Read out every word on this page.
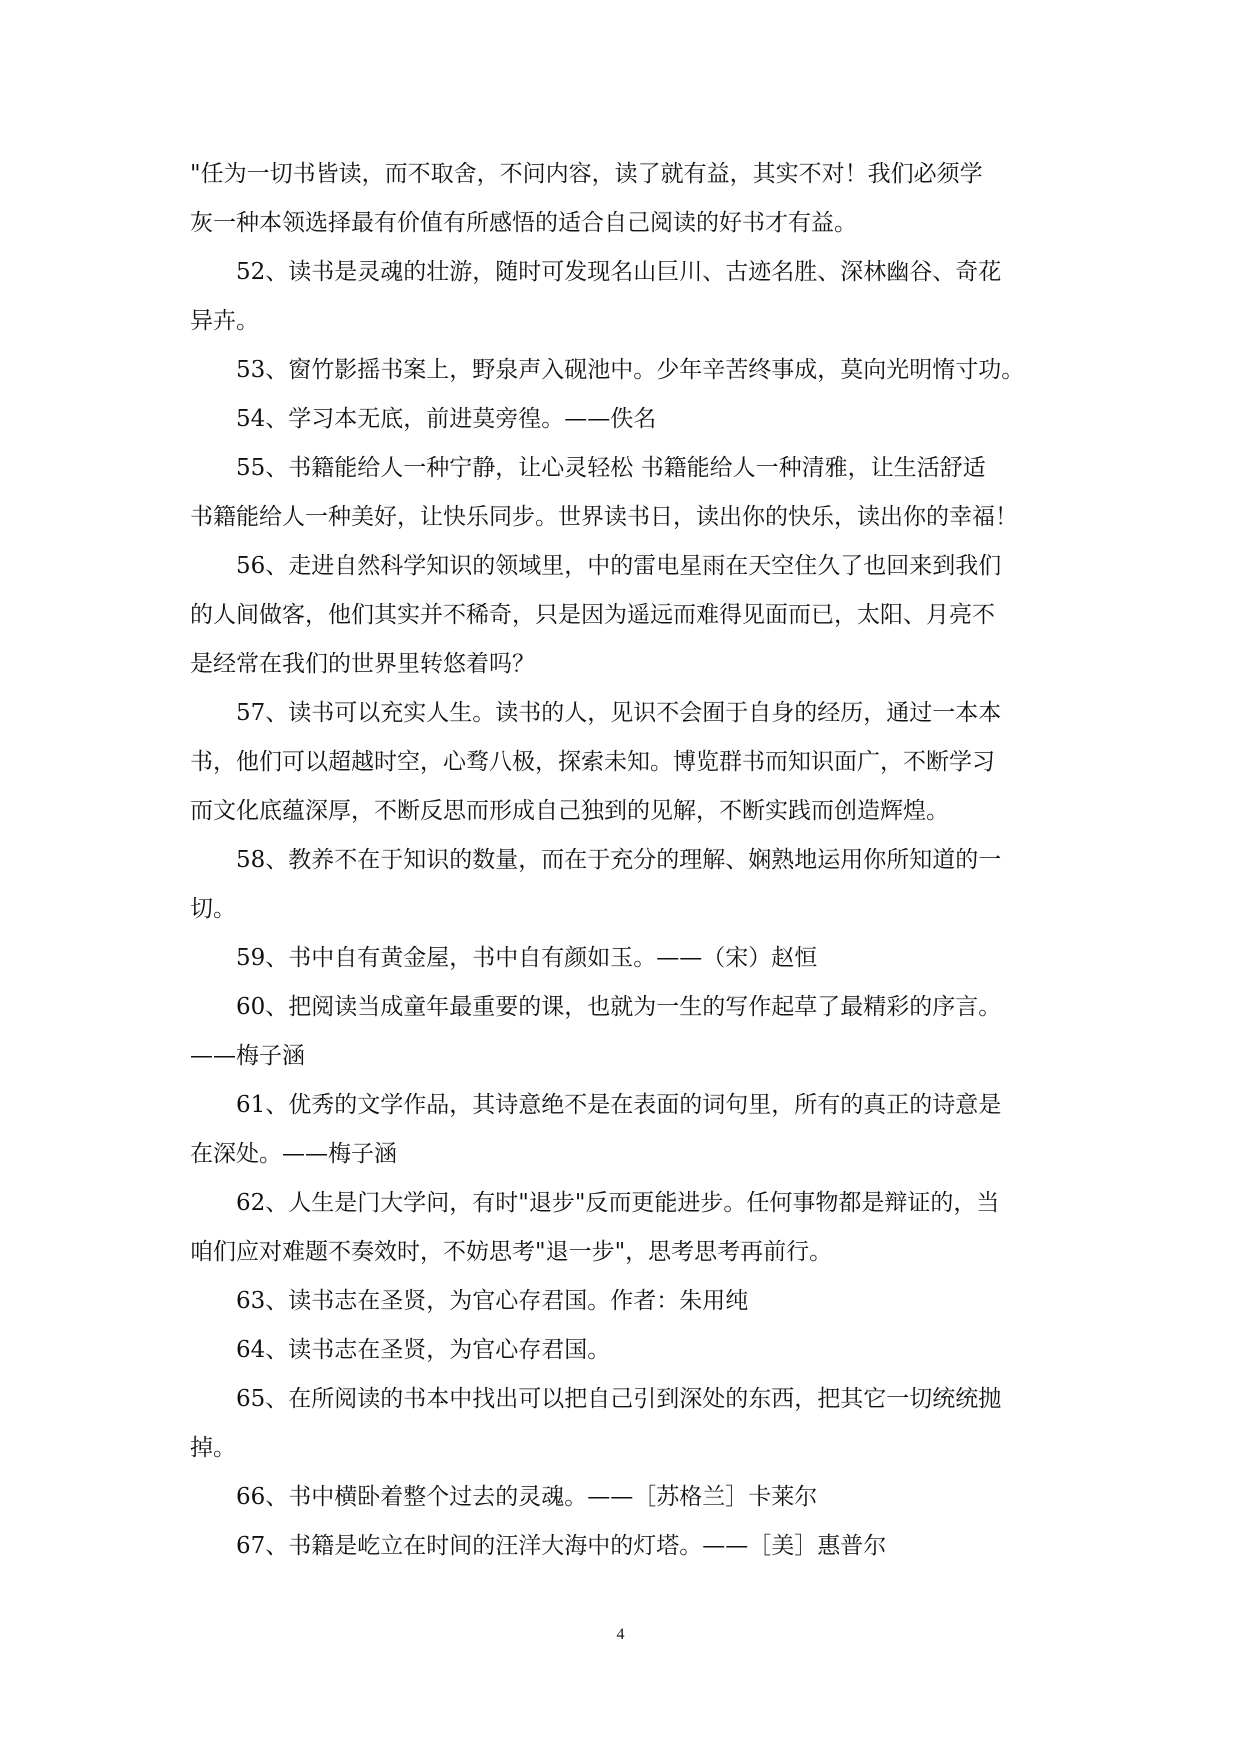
"任为一切书皆读，而不取舍，不问内容，读了就有益，其实不对！我们必须学
灰一种本领选择最有价值有所感悟的适合自己阅读的好书才有益。

52、读书是灵魂的壮游，随时可发现名山巨川、古迹名胜、深林幽谷、奇花
异卉。

53、窗竹影摇书案上，野泉声入砚池中。少年辛苦终事成，莫向光明惰寸功。

54、学习本无底，前进莫旁徨。——佚名

55、书籍能给人一种宁静，让心灵轻松 书籍能给人一种清雅，让生活舒适
书籍能给人一种美好，让快乐同步。世界读书日，读出你的快乐，读出你的幸福！

56、走进自然科学知识的领域里，中的雷电星雨在天空住久了也回来到我们
的人间做客，他们其实并不稀奇，只是因为遥远而难得见面而已，太阳、月亮不
是经常在我们的世界里转悠着吗？

57、读书可以充实人生。读书的人，见识不会囿于自身的经历，通过一本本
书，他们可以超越时空，心骛八极，探索未知。博览群书而知识面广，不断学习
而文化底蕴深厚，不断反思而形成自己独到的见解，不断实践而创造辉煌。

58、教养不在于知识的数量，而在于充分的理解、娴熟地运用你所知道的一
切。

59、书中自有黄金屋，书中自有颜如玉。——（宋）赵恒

60、把阅读当成童年最重要的课，也就为一生的写作起草了最精彩的序言。
——梅子涵

61、优秀的文学作品，其诗意绝不是在表面的词句里，所有的真正的诗意是
在深处。——梅子涵

62、人生是门大学问，有时"退步"反而更能进步。任何事物都是辩证的，当
咱们应对难题不奏效时，不妨思考"退一步"，思考思考再前行。

63、读书志在圣贤，为官心存君国。作者：朱用纯

64、读书志在圣贤，为官心存君国。

65、在所阅读的书本中找出可以把自己引到深处的东西，把其它一切统统抛
掉。

66、书中横卧着整个过去的灵魂。——［苏格兰］卡莱尔

67、书籍是屹立在时间的汪洋大海中的灯塔。——［美］惠普尔

4
